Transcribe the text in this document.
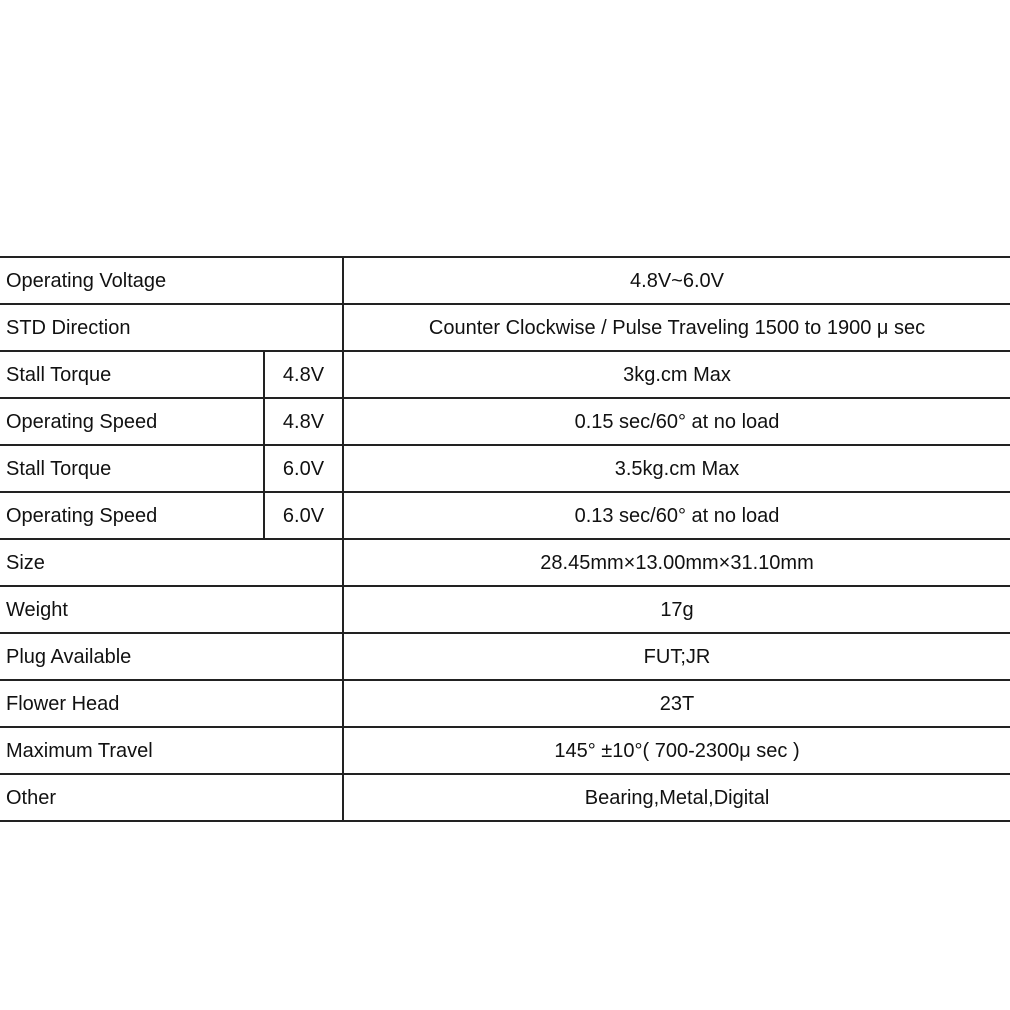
Operating Voltage		4.8V~6.0V
STD Direction		Counter Clockwise / Pulse Traveling 1500 to 1900 μ sec
Stall Torque	4.8V	3kg.cm Max
Operating Speed	4.8V	0.15 sec/60° at no load
Stall Torque	6.0V	3.5kg.cm Max
Operating Speed	6.0V	0.13 sec/60° at no load
Size		28.45mm×13.00mm×31.10mm
Weight		17g
Plug Available		FUT;JR
Flower Head		23T
Maximum Travel		145° ±10°( 700-2300μ sec )
Other		Bearing,Metal,Digital
